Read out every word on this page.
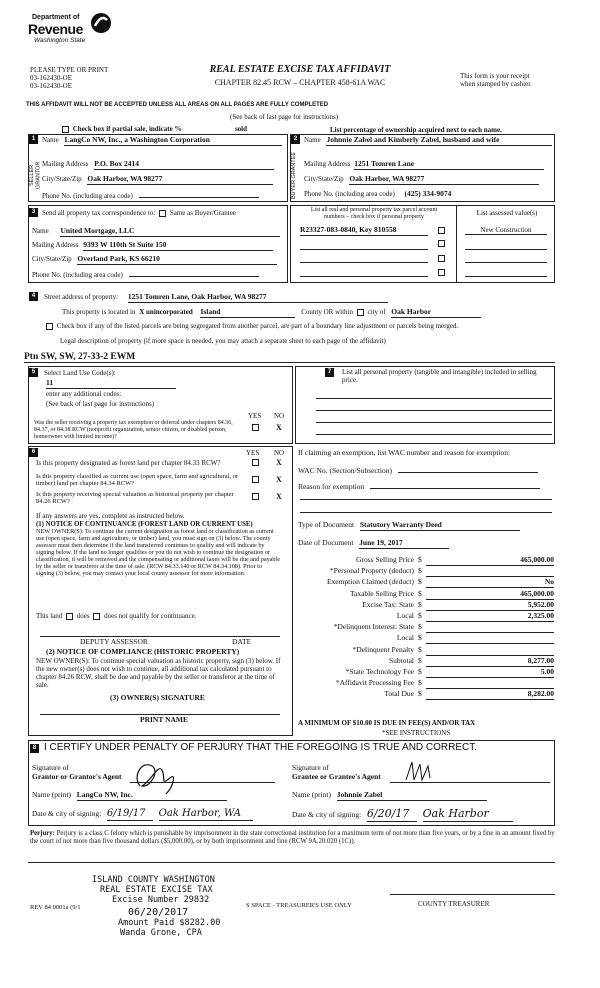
Department of
Revenue
Washington State
PLEASE TYPE OR PRINT
03-162430-OE
03-162430-OE
REAL ESTATE EXCISE TAX AFFIDAVIT
CHAPTER 82.45 RCW – CHAPTER 458-61A WAC
This form is your receipt
when stamped by cashier.
THIS AFFIDAVIT WILL NOT BE ACCEPTED UNLESS ALL AREAS ON ALL PAGES ARE FULLY COMPLETED
(See back of last page for instructions)
Check box if partial sale, indicate %	sold	List percentage of ownership acquired next to each name.
1	2
SELLER GRANTOR	BUYER GRANTEE
Name LangCo NW, Inc., a Washington Corporation
Mailing Address P.O. Box 2414
City/State/Zip Oak Harbor, WA 98277
Phone No. (including area code)
Name Johnnie Zabel and Kimberly Zabel, husband and wife
Mailing Address 1251 Tomren Lane
City/State/Zip Oak Harbor, WA 98277
Phone No. (including area code) (425) 334-9074
3 Send all property tax correspondence to: Same as Buyer/Grantee
Name United Mortgage, LLC
Mailing Address 9393 W 110th St Suite 150
City/State/Zip Overland Park, KS 66210
Phone No. (including area code)
List all real and personal property tax parcel account
numbers – check box if personal property	List assessed value(s)
R23327-083-0840, Key 810558	New Construction
4	Street address of property: 1251 Tomren Lane, Oak Harbor, WA 98277
This property is located in X unincorporated Island	County OR within city of Oak Harbor
Check box if any of the listed parcels are being segregated from another parcel, are part of a boundary line adjustment or parcels being merged.
Legal description of property (if more space is needed, you may attach a separate sheet to each page of the affidavit)
Ptn SW, SW, 27-33-2 EWM
5	Select Land Use Code(s):
11
enter any additional codes:
(See back of last page for instructions)
YES NO
Was the seller receiving a property tax exemption or deferral under chapters 84.36, 84.37, or 84.38 RCW (nonprofit organization, senior citizen, or disabled person, homeowner with limited income)?
X
7	List all personal property (tangible and intangible) included in selling price.
6	YES NO
Is this property designated as forest land per chapter 84.33 RCW?	X
Is this property classified as current use (open space, farm and agricultural, or timber) land per chapter 84.34 RCW?	X
Is this property receiving special valuation as historical property per chapter 84.26 RCW?
X
If any answers are yes, complete as instructed below.
(1) NOTICE OF CONTINUANCE (FOREST LAND OR CURRENT USE)
NEW OWNER(S): To continue the current designation as forest land or classification as current use (open space, farm and agriculture, or timber) land, you must sign on (3) below. The county assessor must then determine if the land transferred continues to qualify and will indicate by signing below. If the land no longer qualifies or you do not wish to continue the designation or classification, it will be removed and the compensating or additional taxes will be due and payable by the seller or transferor at the time of sale. (RCW 84.33.140 or RCW 84.34.108). Prior to signing (3) below, you may contact your local county assessor for more information.
This land does does not qualify for continuance.
DEPUTY ASSESSOR	DATE
(2) NOTICE OF COMPLIANCE (HISTORIC PROPERTY)
NEW OWNER(S): To continue special valuation as historic property, sign (3) below. If the new owner(s) does not wish to continue, all additional tax calculated pursuant to chapter 84.26 RCW, shall be due and payable by the seller or transferor at the time of sale.
(3) OWNER(S) SIGNATURE
PRINT NAME
If claiming an exemption, list WAC number and reason for exemption:
WAC No. (Section/Subsection)
Reason for exemption
Type of Document Statutory Warranty Deed
Date of Document June 19, 2017
Gross Selling Price $	465,000.00
*Personal Property (deduct) $
Exemption Claimed (deduct) $	No
Taxable Selling Price $	465,000.00
Excise Tax: State $	5,952.00
Local $	2,325.00
*Delinquent Interest: State $
Local $
*Delinquent Penalty $
Subtotal $	8,277.00
*State Technology Fee $	5.00
*Affidavit Processing Fee $
Total Due $	8,282.00
A MINIMUM OF $10.00 IS DUE IN FEE(S) AND/OR TAX
*SEE INSTRUCTIONS
8 I CERTIFY UNDER PENALTY OF PERJURY THAT THE FOREGOING IS TRUE AND CORRECT.
Signature of
Grantor or Grantor's Agent
Name (print) LangCo NW, Inc.
Date & city of signing: 6/19/17 Oak Harbor, WA
Signature of
Grantee or Grantee's Agent
Name (print) Johnnie Zabel
Date & city of signing: 6/20/17 Oak Harbor
Perjury: Perjury is a class C felony which is punishable by imprisonment in the state correctional institution for a maximum term of not more than five years, or by a fine in an amount fixed by the court of not more than five thousand dollars ($5,000.00), or by both imprisonment and fine (RCW 9A.20.020 (1C)).
ISLAND COUNTY WASHINGTON
REAL ESTATE EXCISE TAX
Excise Number 29832
06/20/2017
Amount Paid $8282.00
Wanda Grone, CPA
REV 84 0001a (9/1	S SPACE - TREASURER'S USE ONLY	COUNTY TREASURER
